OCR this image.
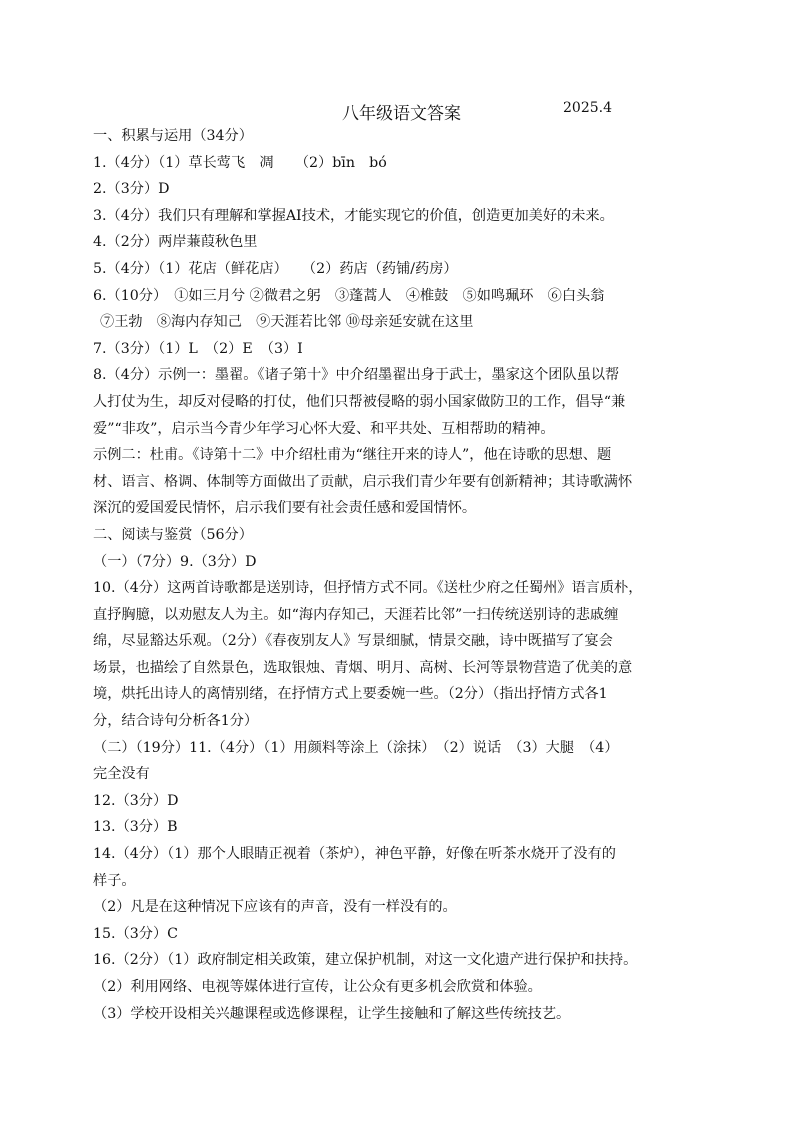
八年级语文答案	2025.4
一、积累与运用（34分）
1.（4分）（1）草长莺飞　凋　　（2）bīn　bó
2.（3分）D
3.（4分）我们只有理解和掌握AI技术，才能实现它的价值，创造更加美好的未来。
4.（2分）两岸蒹葭秋色里
5.（4分）（1）花店（鲜花店）　　（2）药店（药铺/药房）
6.（10分）　①如三月兮 ②微君之躬　③蓬蒿人　④椎鼓　⑤如鸣珮环　⑥白头翁
⑦王勃　⑧海内存知己　⑨天涯若比邻 ⑩母亲延安就在这里
7.（3分）（1）L　（2）E　（3）I
8.（4分）示例一：墨翟。《诸子第十》中介绍墨翟出身于武士，墨家这个团队虽以帮
人打仗为生，却反对侵略的打仗，他们只帮被侵略的弱小国家做防卫的工作，倡导“兼
爱”“非攻”，启示当今青少年学习心怀大爱、和平共处、互相帮助的精神。
示例二：杜甫。《诗第十二》中介绍杜甫为“继往开来的诗人”，他在诗歌的思想、题
材、语言、格调、体制等方面做出了贡献，启示我们青少年要有创新精神；其诗歌满怀
深沉的爱国爱民情怀，启示我们要有社会责任感和爱国情怀。
二、阅读与鉴赏（56分）
（一）（7分）9.（3分）D
10.（4分）这两首诗歌都是送别诗，但抒情方式不同。《送杜少府之任蜀州》语言质朴，
直抒胸臆，以劝慰友人为主。如“海内存知己，天涯若比邻”一扫传统送别诗的悲戚缠
绵，尽显豁达乐观。（2分）《春夜别友人》写景细腻，情景交融，诗中既描写了宴会
场景，也描绘了自然景色，选取银烛、青烟、明月、高树、长河等景物营造了优美的意
境，烘托出诗人的离情别绪，在抒情方式上要委婉一些。（2分）（指出抒情方式各1
分，结合诗句分析各1分）
（二）（19分）11.（4分）（1）用颜料等涂上（涂抹）　（2）说话　（3）大腿　（4）
完全没有
12.（3分）D
13.（3分）B
14.（4分）（1）那个人眼睛正视着（茶炉），神色平静，好像在听茶水烧开了没有的
样子。
（2）凡是在这种情况下应该有的声音，没有一样没有的。
15.（3分）C
16.（2分）（1）政府制定相关政策，建立保护机制，对这一文化遗产进行保护和扶持。
（2）利用网络、电视等媒体进行宣传，让公众有更多机会欣赏和体验。
（3）学校开设相关兴趣课程或选修课程，让学生接触和了解这些传统技艺。
